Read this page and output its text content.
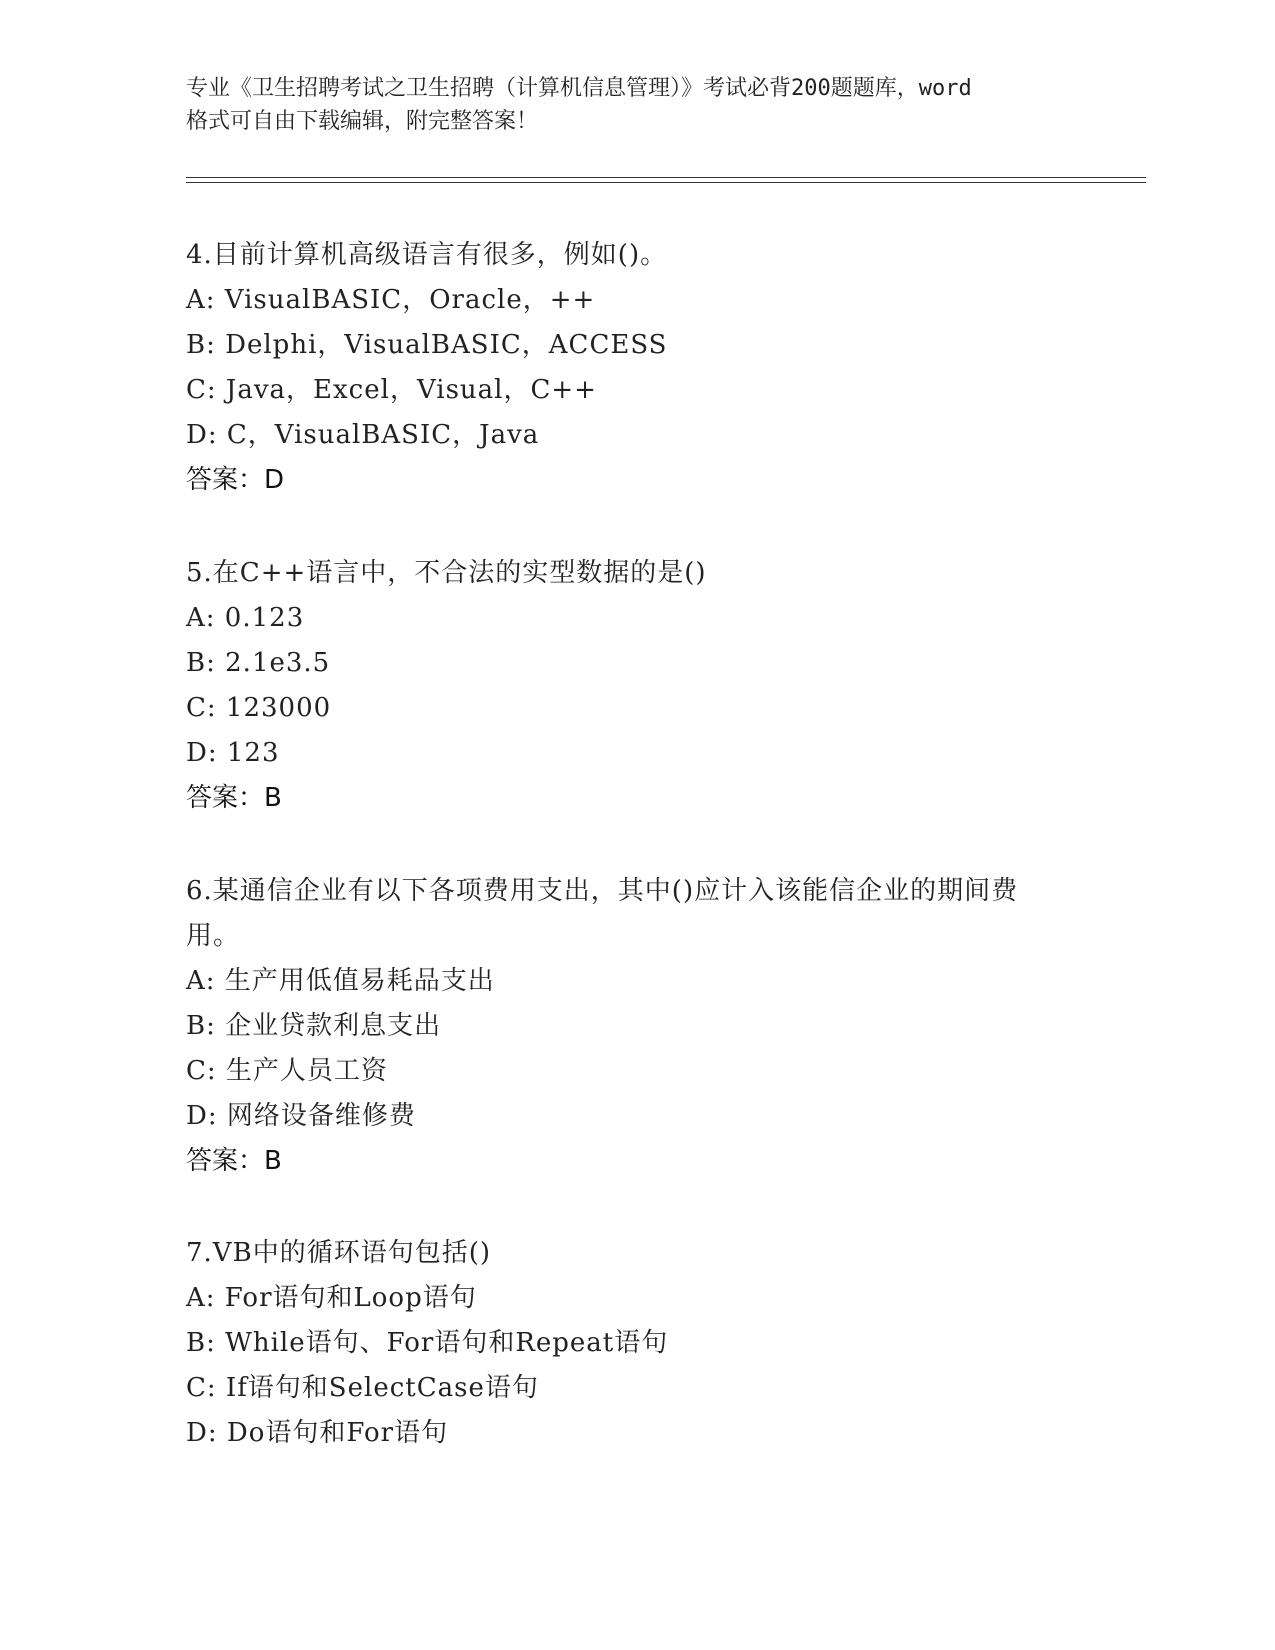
专业《卫生招聘考试之卫生招聘（计算机信息管理）》考试必背200题题库，word
格式可自由下载编辑，附完整答案！
4.目前计算机高级语言有很多，例如()。
A: VisualBASIC，Oracle，++
B: Delphi，VisualBASIC，ACCESS
C: Java，Excel，Visual，C++
D: C，VisualBASIC，Java
答案：D
5.在C++语言中，不合法的实型数据的是()
A: 0.123
B: 2.1e3.5
C: 123000
D: 123
答案：B
6.某通信企业有以下各项费用支出，其中()应计入该能信企业的期间费用。
A: 生产用低值易耗品支出
B: 企业贷款利息支出
C: 生产人员工资
D: 网络设备维修费
答案：B
7.VB中的循环语句包括()
A: For语句和Loop语句
B: While语句、For语句和Repeat语句
C: If语句和SelectCase语句
D: Do语句和For语句
